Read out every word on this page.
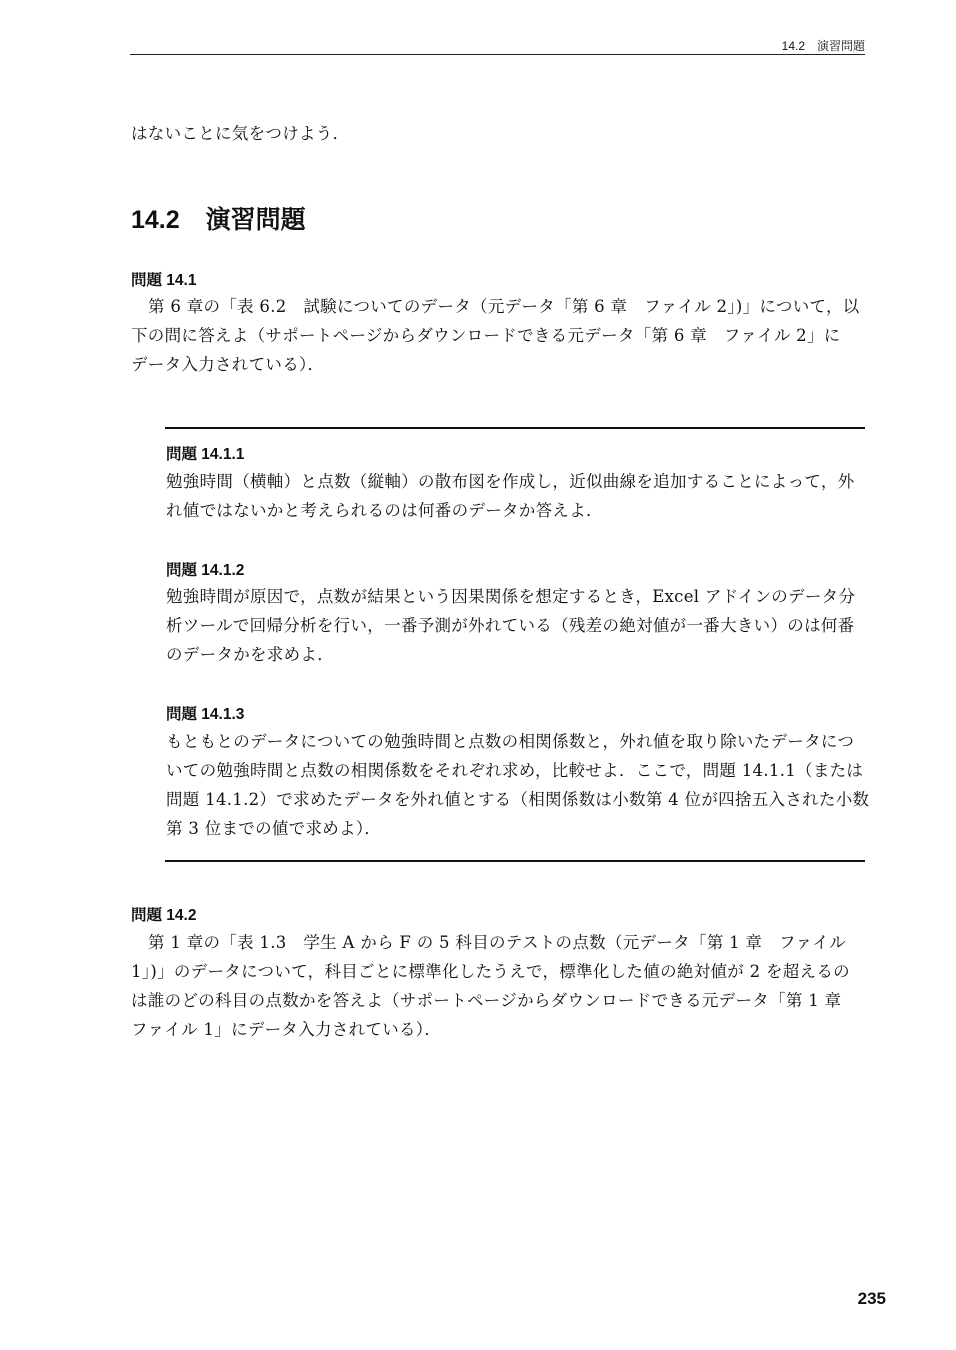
14.2　演習問題
はないことに気をつけよう．
14.2 演習問題
問題 14.1
第 6 章の「表 6.2　試験についてのデータ（元データ「第 6 章　ファイル 2」)」について，以
下の問に答えよ（サポートページからダウンロードできる元データ「第 6 章　ファイル 2」に
データ入力されている）．
問題 14.1.1
勉強時間（横軸）と点数（縦軸）の散布図を作成し，近似曲線を追加することによって，外
れ値ではないかと考えられるのは何番のデータか答えよ．
問題 14.1.2
勉強時間が原因で，点数が結果という因果関係を想定するとき，Excel アドインのデータ分
析ツールで回帰分析を行い，一番予測が外れている（残差の絶対値が一番大きい）のは何番
のデータかを求めよ．
問題 14.1.3
もともとのデータについての勉強時間と点数の相関係数と，外れ値を取り除いたデータにつ
いての勉強時間と点数の相関係数をそれぞれ求め，比較せよ．ここで，問題 14.1.1（または
問題 14.1.2）で求めたデータを外れ値とする（相関係数は小数第 4 位が四捨五入された小数
第 3 位までの値で求めよ）．
問題 14.2
第 1 章の「表 1.3　学生 A から F の 5 科目のテストの点数（元データ「第 1 章　ファイル
1」)」のデータについて，科目ごとに標準化したうえで，標準化した値の絶対値が 2 を超えるの
は誰のどの科目の点数かを答えよ（サポートページからダウンロードできる元データ「第 1 章
ファイル 1」にデータ入力されている）．
235
